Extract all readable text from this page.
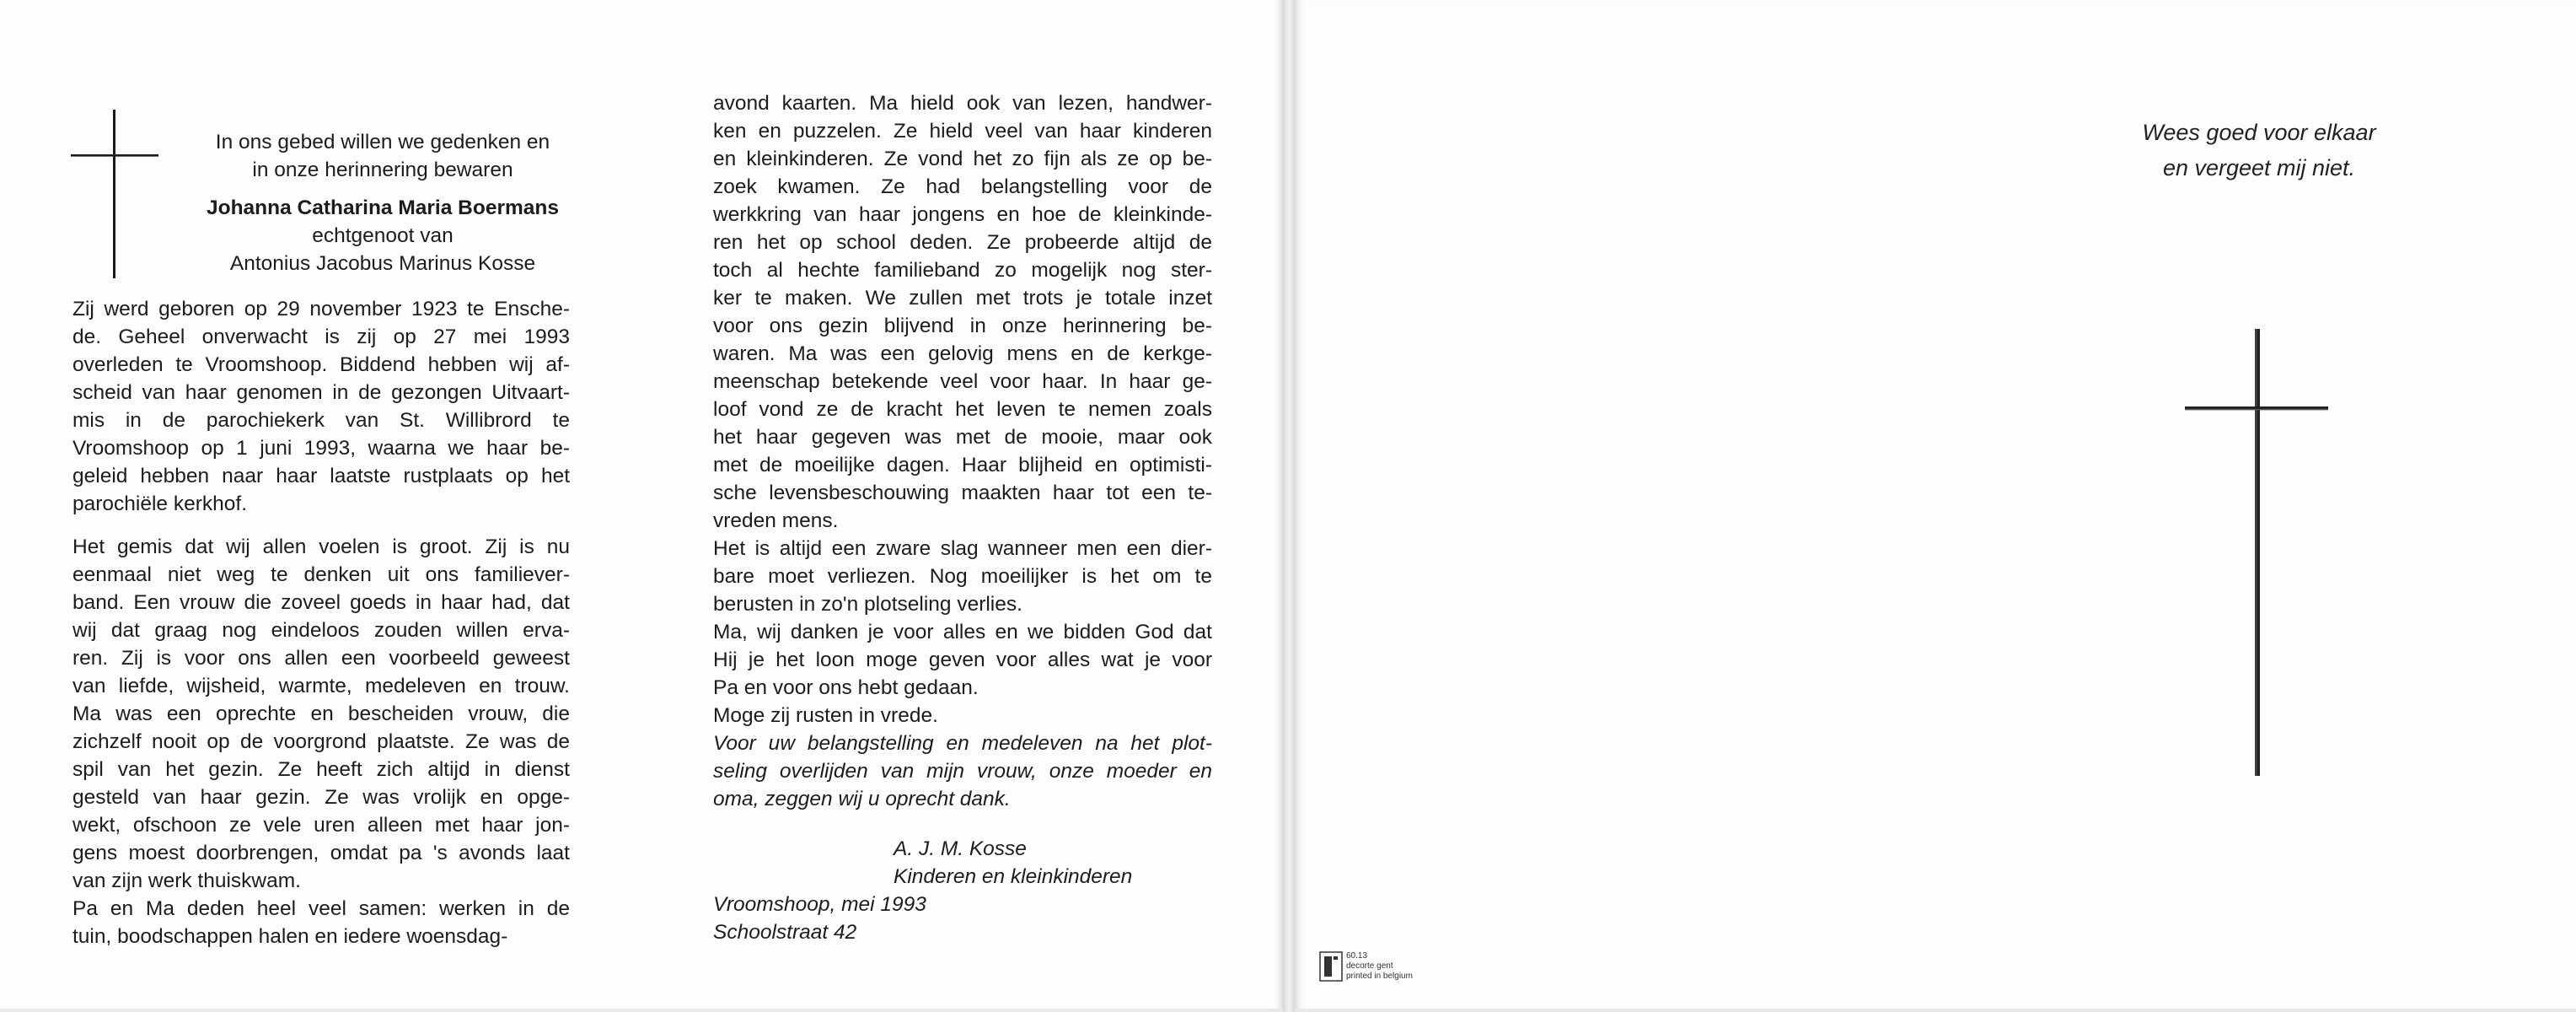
In ons gebed willen we gedenken en
in onze herinnering bewaren
Johanna Catharina Maria Boermans
echtgenoot van
Antonius Jacobus Marinus Kosse

Zij werd geboren op 29 november 1923 te Ensche-
de. Geheel onverwacht is zij op 27 mei 1993
overleden te Vroomshoop. Biddend hebben wij af-
scheid van haar genomen in de gezongen Uitvaart-
mis in de parochiekerk van St. Willibrord te
Vroomshoop op 1 juni 1993, waarna we haar be-
geleid hebben naar haar laatste rustplaats op het
parochiële kerkhof.

Het gemis dat wij allen voelen is groot. Zij is nu
eenmaal niet weg te denken uit ons familiever-
band. Een vrouw die zoveel goeds in haar had, dat
wij dat graag nog eindeloos zouden willen erva-
ren. Zij is voor ons allen een voorbeeld geweest
van liefde, wijsheid, warmte, medeleven en trouw.
Ma was een oprechte en bescheiden vrouw, die
zichzelf nooit op de voorgrond plaatste. Ze was de
spil van het gezin. Ze heeft zich altijd in dienst
gesteld van haar gezin. Ze was vrolijk en opge-
wekt, ofschoon ze vele uren alleen met haar jon-
gens moest doorbrengen, omdat pa 's avonds laat
van zijn werk thuiskwam.
Pa en Ma deden heel veel samen: werken in de
tuin, boodschappen halen en iedere woensdag-

avond kaarten. Ma hield ook van lezen, handwer-
ken en puzzelen. Ze hield veel van haar kinderen
en kleinkinderen. Ze vond het zo fijn als ze op be-
zoek kwamen. Ze had belangstelling voor de
werkkring van haar jongens en hoe de kleinkinde-
ren het op school deden. Ze probeerde altijd de
toch al hechte familieband zo mogelijk nog ster-
ker te maken. We zullen met trots je totale inzet
voor ons gezin blijvend in onze herinnering be-
waren. Ma was een gelovig mens en de kerkge-
meenschap betekende veel voor haar. In haar ge-
loof vond ze de kracht het leven te nemen zoals
het haar gegeven was met de mooie, maar ook
met de moeilijke dagen. Haar blijheid en optimisti-
sche levensbeschouwing maakten haar tot een te-
vreden mens.
Het is altijd een zware slag wanneer men een dier-
bare moet verliezen. Nog moeilijker is het om te
berusten in zo'n plotseling verlies.
Ma, wij danken je voor alles en we bidden God dat
Hij je het loon moge geven voor alles wat je voor
Pa en voor ons hebt gedaan.
Moge zij rusten in vrede.

Voor uw belangstelling en medeleven na het plot-
seling overlijden van mijn vrouw, onze moeder en
oma, zeggen wij u oprecht dank.

A. J. M. Kosse
Kinderen en kleinkinderen
Vroomshoop, mei 1993
Schoolstraat 42
Wees goed voor elkaar
en vergeet mij niet.
60.13
decorte gent
printed in belgium
